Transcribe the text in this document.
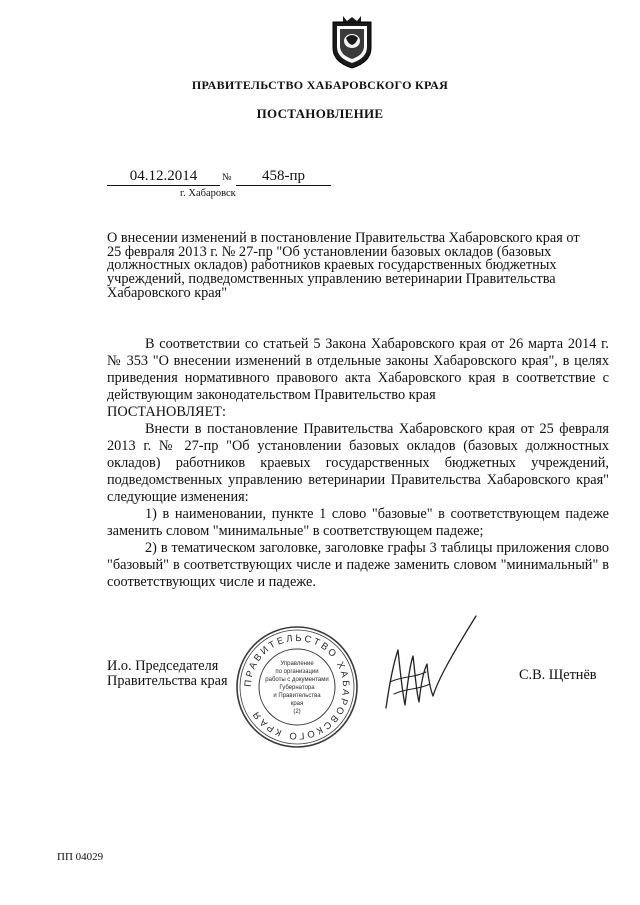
ПРАВИТЕЛЬСТВО ХАБАРОВСКОГО КРАЯ
ПОСТАНОВЛЕНИЕ
04.12.2014	№	458-пр
г. Хабаровск
О внесении изменений в постановление Правительства Хабаровского края от
25 февраля 2013 г. № 27-пр "Об установлении базовых окладов (базовых
должностных окладов) работников краевых государственных бюджетных
учреждений, подведомственных управлению ветеринарии Правительства
Хабаровского края"

В соответствии со статьей 5 Закона Хабаровского края от 26 марта 2014 г. № 353 "О внесении изменений в отдельные законы Хабаровского края", в целях приведения нормативного правового акта Хабаровского края в соответствие с действующим законодательством Правительство края

ПОСТАНОВЛЯЕТ:

Внести в постановление Правительства Хабаровского края от 25 февраля 2013 г. № 27-пр "Об установлении базовых окладов (базовых должностных окладов) работников краевых государственных бюджетных учреждений, подведомственных управлению ветеринарии Правительства Хабаровского края" следующие изменения:

1) в наименовании, пункте 1 слово "базовые" в соответствующем падеже заменить словом "минимальные" в соответствующем падеже;

2) в тематическом заголовке, заголовке графы 3 таблицы приложения слово "базовый" в соответствующих числе и падеже заменить словом "минимальный" в соответствующих числе и падеже.

И.о. Председателя
Правительства края ПРАВИТЕЛЬСТВО ХАБАРОВСКОГО КРАЯ
Управление
по организации
работы с документами
Губернатора
и Правительства
края
(2)
С.В. Щетнёв
ПП 04029
